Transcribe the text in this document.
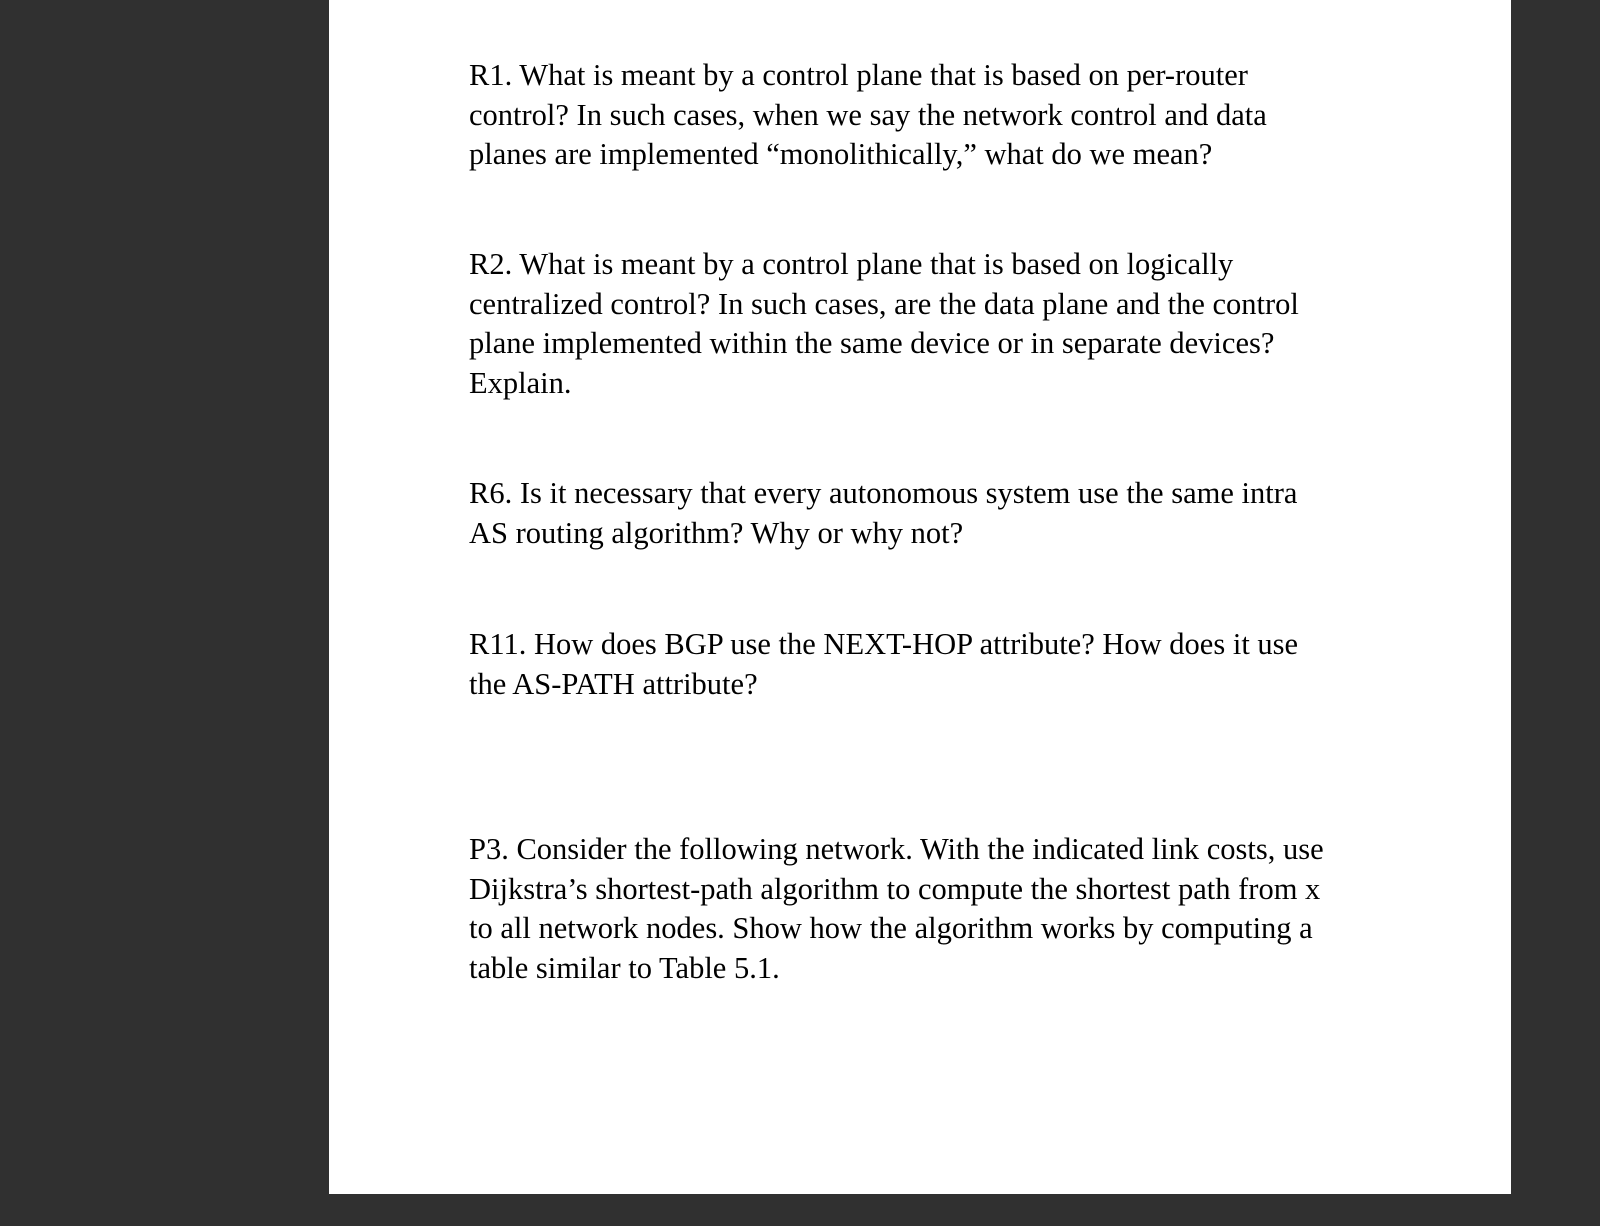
R1. What is meant by a control plane that is based on per-router
control? In such cases, when we say the network control and data
planes are implemented “monolithically,” what do we mean?

R2. What is meant by a control plane that is based on logically
centralized control? In such cases, are the data plane and the control
plane implemented within the same device or in separate devices?
Explain.

R6. Is it necessary that every autonomous system use the same intra
AS routing algorithm? Why or why not?

R11. How does BGP use the NEXT-HOP attribute? How does it use
the AS-PATH attribute?

P3. Consider the following network. With the indicated link costs, use
Dijkstra’s shortest-path algorithm to compute the shortest path from x
to all network nodes. Show how the algorithm works by computing a
table similar to Table 5.1.
